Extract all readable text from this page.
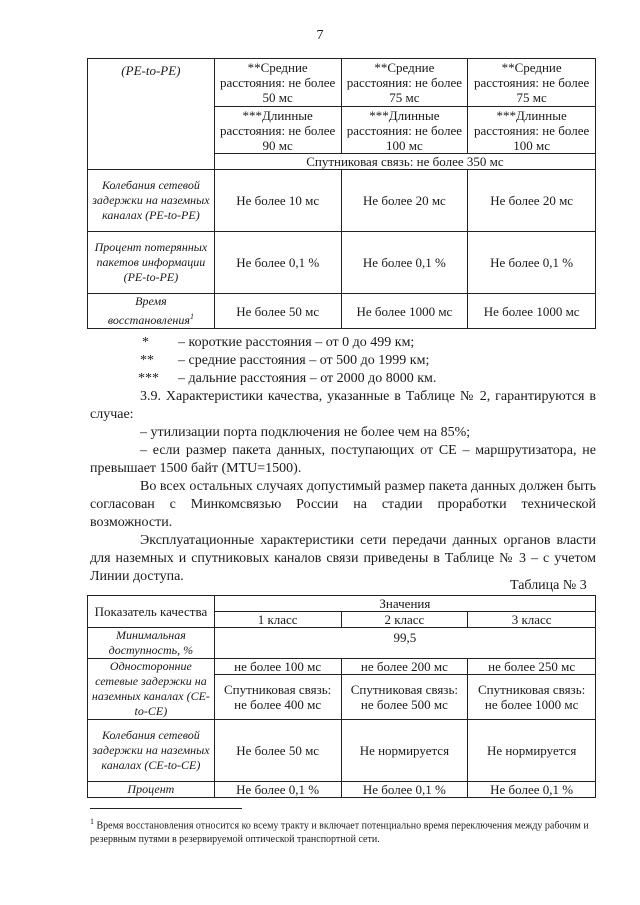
7
(PE-to-PE)	**Средние расстояния: не более 50 мс	**Средние расстояния: не более 75 мс	**Средние расстояния: не более 75 мс
	***Длинные расстояния: не более 90 мс	***Длинные расстояния: не более 100 мс	***Длинные расстояния: не более 100 мс
	Спутниковая связь: не более 350 мс		
Колебания сетевой задержки на наземных каналах (PE-to-PE)	Не более 10 мс	Не более 20 мс	Не более 20 мс
Процент потерянных пакетов информации (PE-to-PE)	Не более 0,1 %	Не более 0,1 %	Не более 0,1 %
Время восстановления$^1$	Не более 50 мс	Не более 1000 мс	Не более 1000 мс
* – короткие расстояния – от 0 до 499 км;
** – средние расстояния – от 500 до 1999 км;
*** – дальние расстояния – от 2000 до 8000 км.

3.9. Характеристики качества, указанные в Таблице № 2, гарантируются в случае:

– утилизации порта подключения не более чем на 85%;

– если размер пакета данных, поступающих от CE – маршрутизатора, не превышает 1500 байт (MTU=1500).

Во всех остальных случаях допустимый размер пакета данных должен быть согласован с Минкомсвязью России на стадии проработки технической возможности.

Эксплуатационные характеристики сети передачи данных органов власти для наземных и спутниковых каналов связи приведены в Таблице № 3 – с учетом Линии доступа.

Таблица № 3
Показатель качества	Значения		
	1 класс	2 класс	3 класс
Минимальная доступность, %	99,5		
Односторонние сетевые задержки на наземных каналах (CE-to-CE)	не более 100 мс	не более 200 мс	не более 250 мс
	Спутниковая связь: не более 400 мс	Спутниковая связь: не более 500 мс	Спутниковая связь: не более 1000 мс
Колебания сетевой задержки на наземных каналах (CE-to-CE)	Не более 50 мс	Не нормируется	Не нормируется
Процент	Не более 0,1 %	Не более 0,1 %	Не более 0,1 %
$^1$ Время восстановления относится ко всему тракту и включает потенциально время переключения между рабочим и резервным путями в резервируемой оптической транспортной сети.
